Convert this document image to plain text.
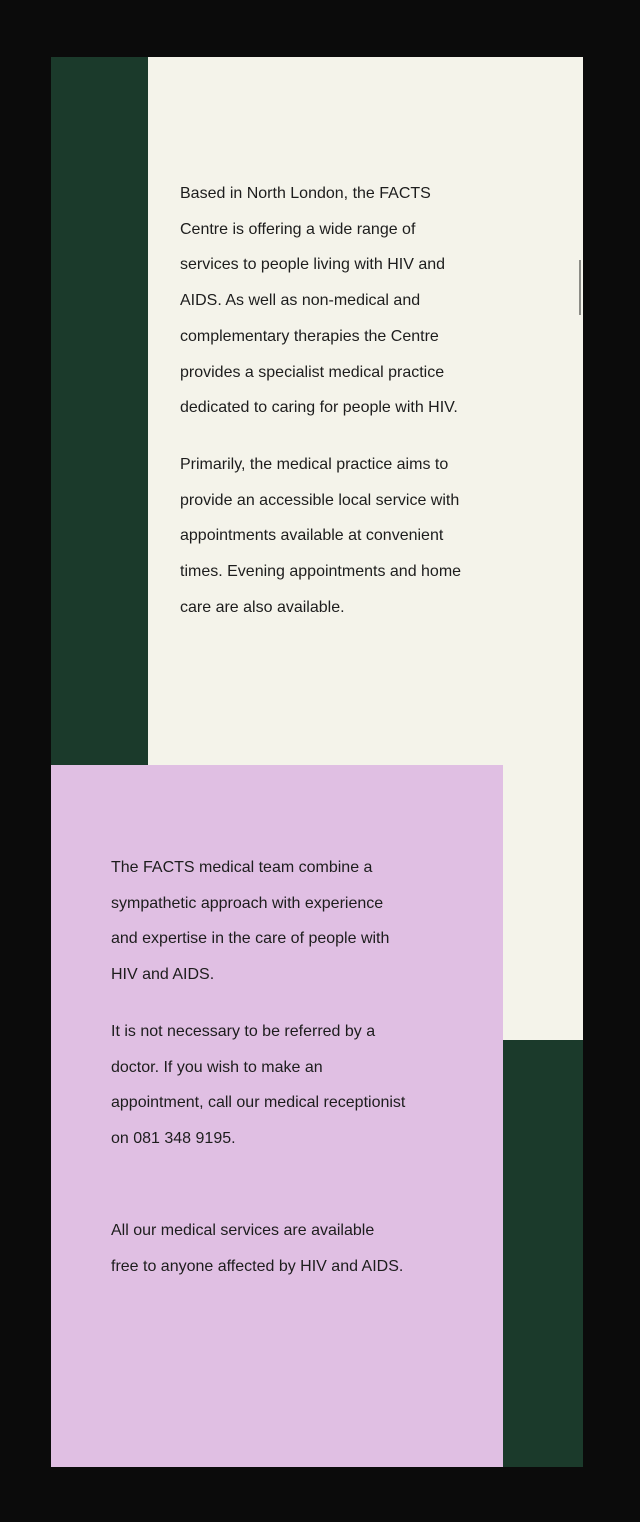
Based in North London, the FACTS
Centre is offering a wide range of
services to people living with HIV and
AIDS. As well as non-medical and
complementary therapies the Centre
provides a specialist medical practice
dedicated to caring for people with HIV.

Primarily, the medical practice aims to
provide an accessible local service with
appointments available at convenient
times. Evening appointments and home
care are also available.

The FACTS medical team combine a
sympathetic approach with experience
and expertise in the care of people with
HIV and AIDS.

It is not necessary to be referred by a
doctor. If you wish to make an
appointment, call our medical receptionist
on 081 348 9195.

All our medical services are available
free to anyone affected by HIV and AIDS.
